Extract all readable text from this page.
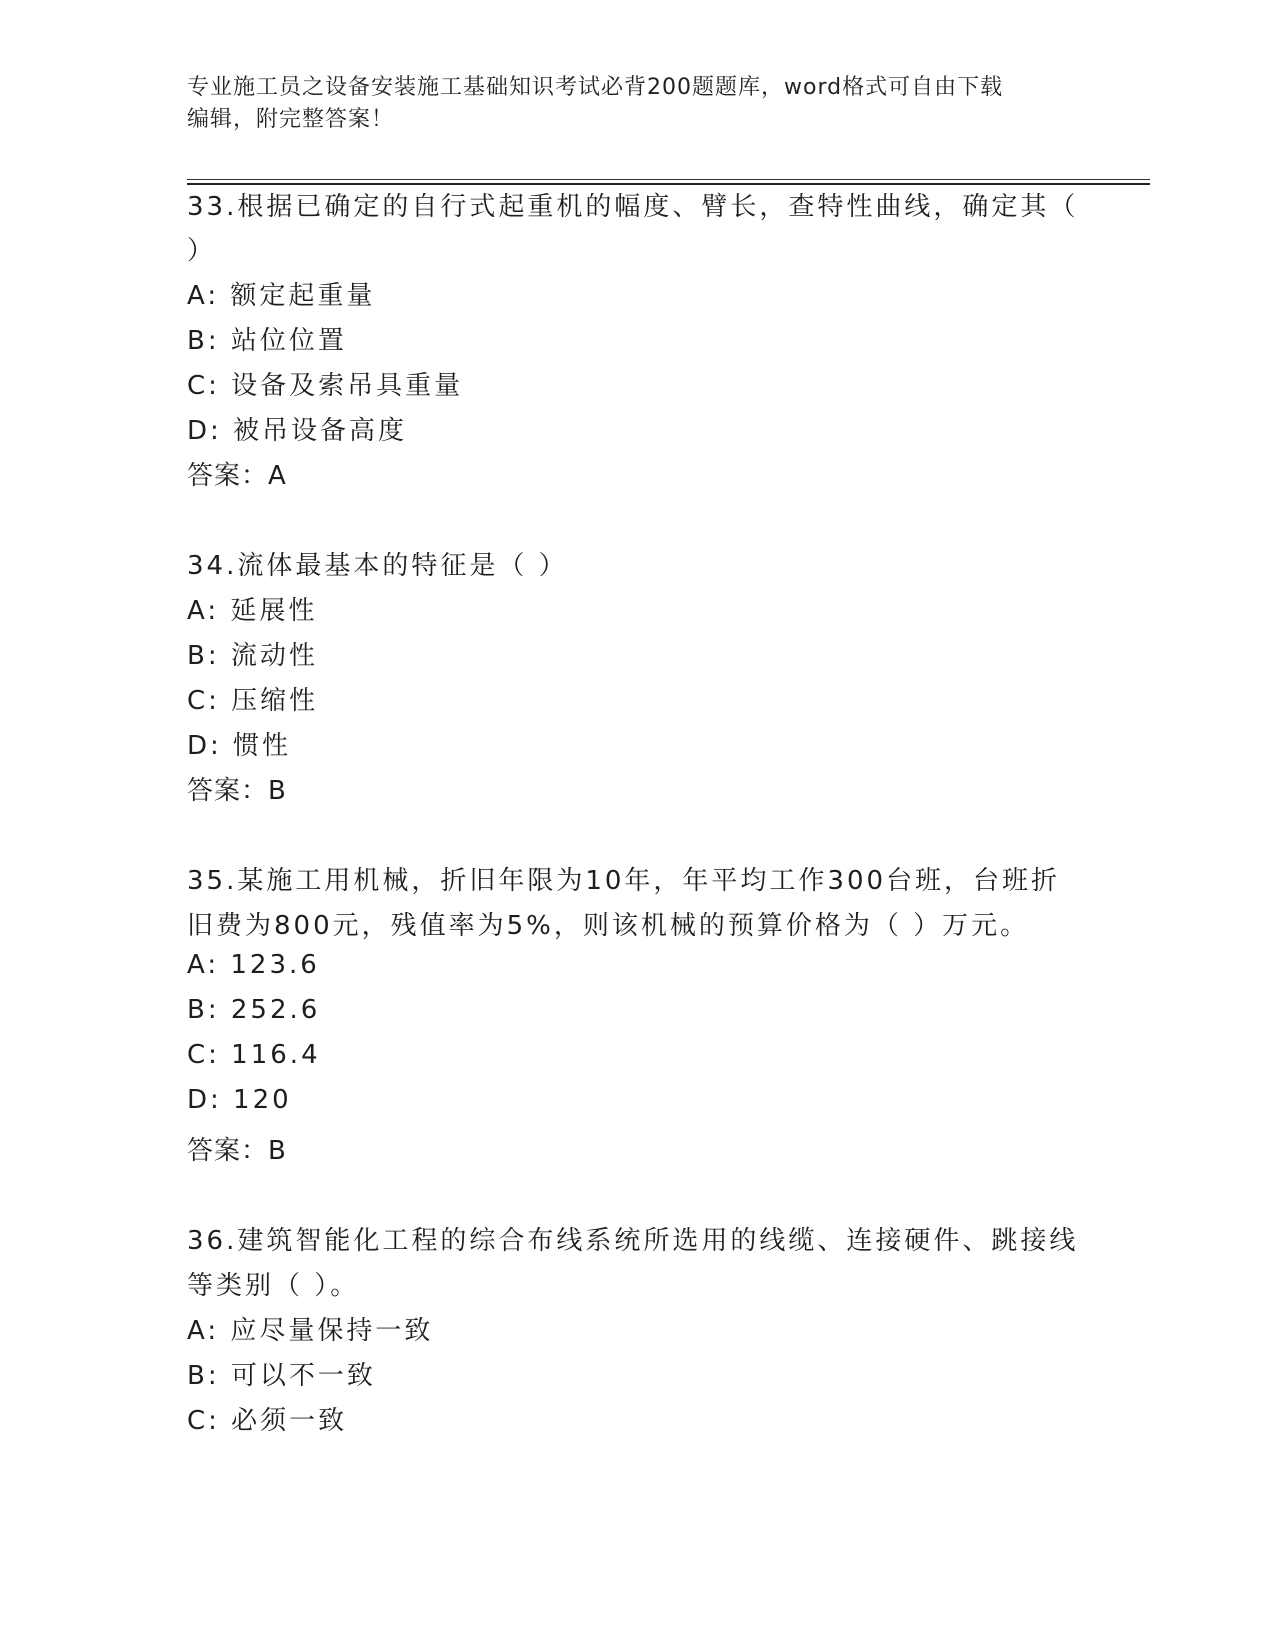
专业施工员之设备安装施工基础知识考试必背200题题库，word格式可自由下载
编辑，附完整答案！
33.根据已确定的自行式起重机的幅度、臂长，查特性曲线，确定其（
）
A: 额定起重量
B: 站位位置
C: 设备及索吊具重量
D: 被吊设备高度
答案：A
34.流体最基本的特征是（ ）
A: 延展性
B: 流动性
C: 压缩性
D: 惯性
答案：B
35.某施工用机械，折旧年限为10年，年平均工作300台班，台班折
旧费为800元，残值率为5%，则该机械的预算价格为（ ）万元。
A: 123.6
B: 252.6
C: 116.4
D: 120
答案：B
36.建筑智能化工程的综合布线系统所选用的线缆、连接硬件、跳接线
等类别（ ）。
A: 应尽量保持一致
B: 可以不一致
C: 必须一致
